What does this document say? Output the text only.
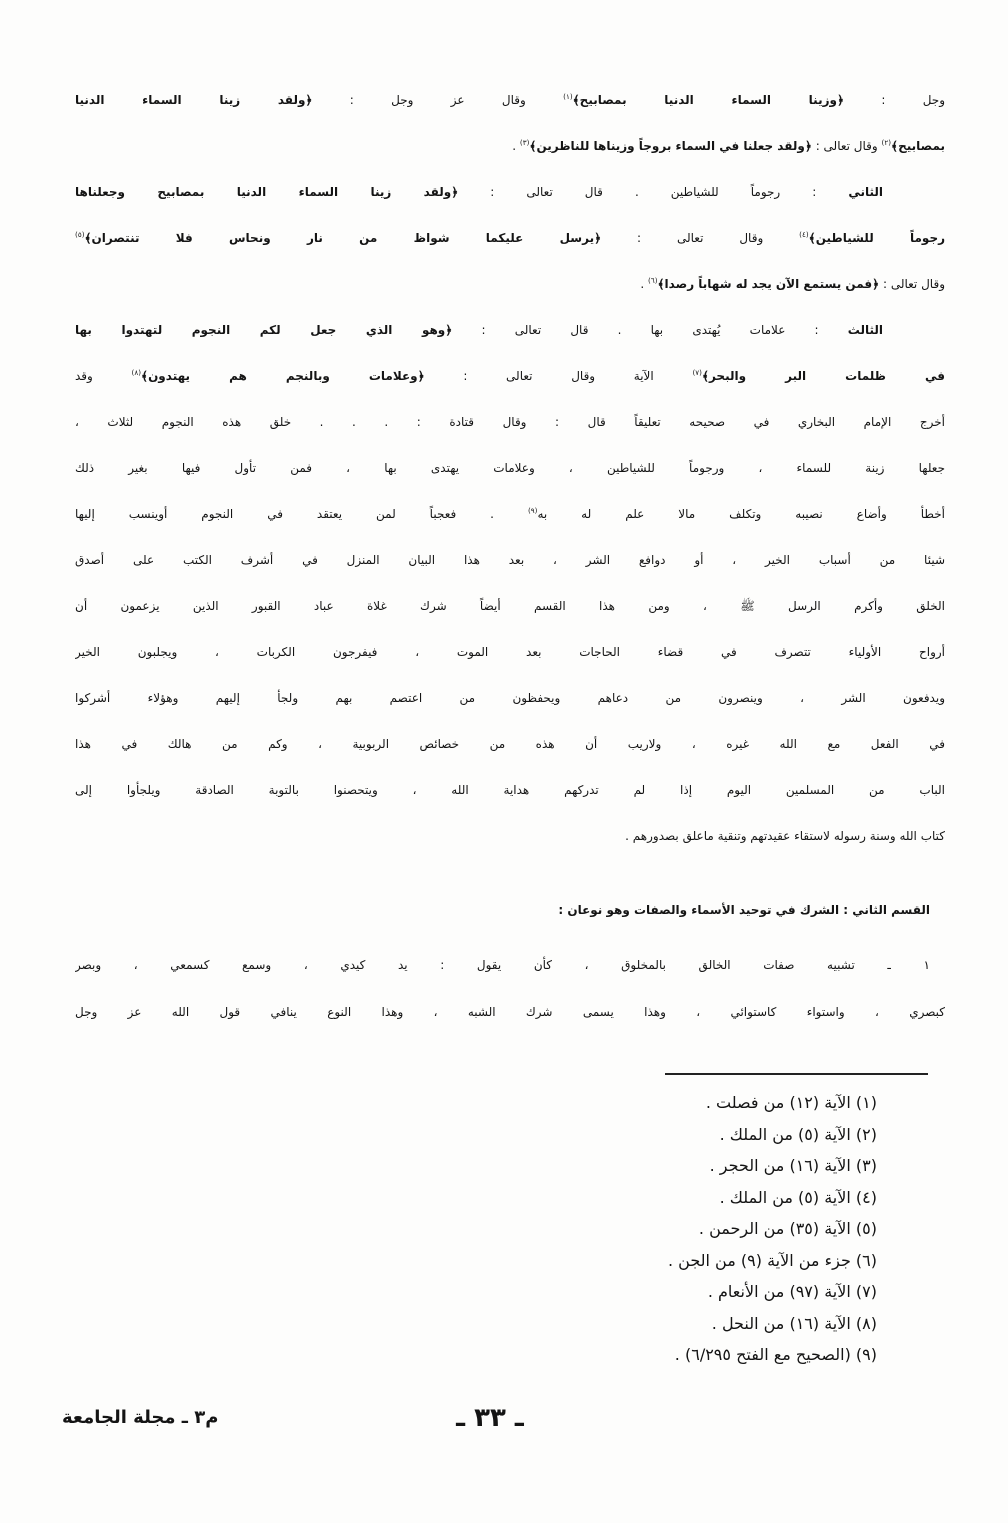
وجل : ﴿وزينا السماء الدنيا بمصابيح﴾$^{(١)}$ وقال عز وجل : ﴿ولقد زينا السماء الدنيا
بمصابيح﴾$^{(٢)}$ وقال تعالى : ﴿ولقد جعلنا في السماء بروجاً وزيناها للناظرين﴾$^{(٣)}$ .
الثاني : رجوماً للشياطين . قال تعالى : ﴿ولقد زينا السماء الدنيا بمصابيح وجعلناها
رجوماً للشياطين﴾$^{(٤)}$ وقال تعالى : ﴿يرسل عليكما شواظ من نار ونحاس فلا تنتصران﴾$^{(٥)}$
وقال تعالى : ﴿فمن يستمع الآن يجد له شهاباً رصدا﴾$^{(٦)}$ .
الثالث : علامات يُهتدى بها . قال تعالى : ﴿وهو الذي جعل لكم النجوم لتهتدوا بها
في ظلمات البر والبحر﴾$^{(٧)}$ الآية وقال تعالى : ﴿وعلامات وبالنجم هم يهتدون﴾$^{(٨)}$ وقد
أخرج الإمام البخاري في صحيحه تعليقاً قال : وقال قتادة : . . . خلق هذه النجوم لثلاث ،
جعلها زينة للسماء ، ورجوماً للشياطين ، وعلامات يهتدى بها ، فمن تأول فيها بغير ذلك
أخطأ وأضاع نصيبه وتكلف مالا علم له به$^{(٩)}$ . فعجباً لمن يعتقد في النجوم أوينسب إليها
شيئا من أسباب الخير ، أو دوافع الشر ، بعد هذا البيان المنزل في أشرف الكتب على أصدق
الخلق وأكرم الرسل ﷺ ، ومن هذا القسم أيضاً شرك غلاة عباد القبور الذين يزعمون أن
أرواح الأولياء تتصرف في قضاء الحاجات بعد الموت ، فيفرجون الكربات ، ويجلبون الخير
ويدفعون الشر ، وينصرون من دعاهم ويحفظون من اعتصم بهم ولجأ إليهم وهؤلاء أشركوا
في الفعل مع الله غيره ، ولاريب أن هذه من خصائص الربوبية ، وكم من هالك في هذا
الباب من المسلمين اليوم إذا لم تدركهم هداية الله ، ويتحصنوا بالتوبة الصادقة ويلجأوا إلى
كتاب الله وسنة رسوله لاستقاء عقيدتهم وتنقية ماعلق بصدورهم .
القسم الثاني : الشرك في توحيد الأسماء والصفات وهو نوعان :
١ ـ تشبيه صفات الخالق بالمخلوق ، كأن يقول : يد كيدي ، وسمع كسمعي ، وبصر
كبصري ، واستواء كاستوائي ، وهذا يسمى شرك الشبه ، وهذا النوع ينافي قول الله عز وجل
(١) الآية (١٢) من فصلت .
(٢) الآية (٥) من الملك .
(٣) الآية (١٦) من الحجر .
(٤) الآية (٥) من الملك .
(٥) الآية (٣٥) من الرحمن .
(٦) جزء من الآية (٩) من الجن .
(٧) الآية (٩٧) من الأنعام .
(٨) الآية (١٦) من النحل .
(٩) (الصحيح مع الفتح ٦/٢٩٥) .
ـ ٣٣ ـ
م٣ ـ مجلة الجامعة
